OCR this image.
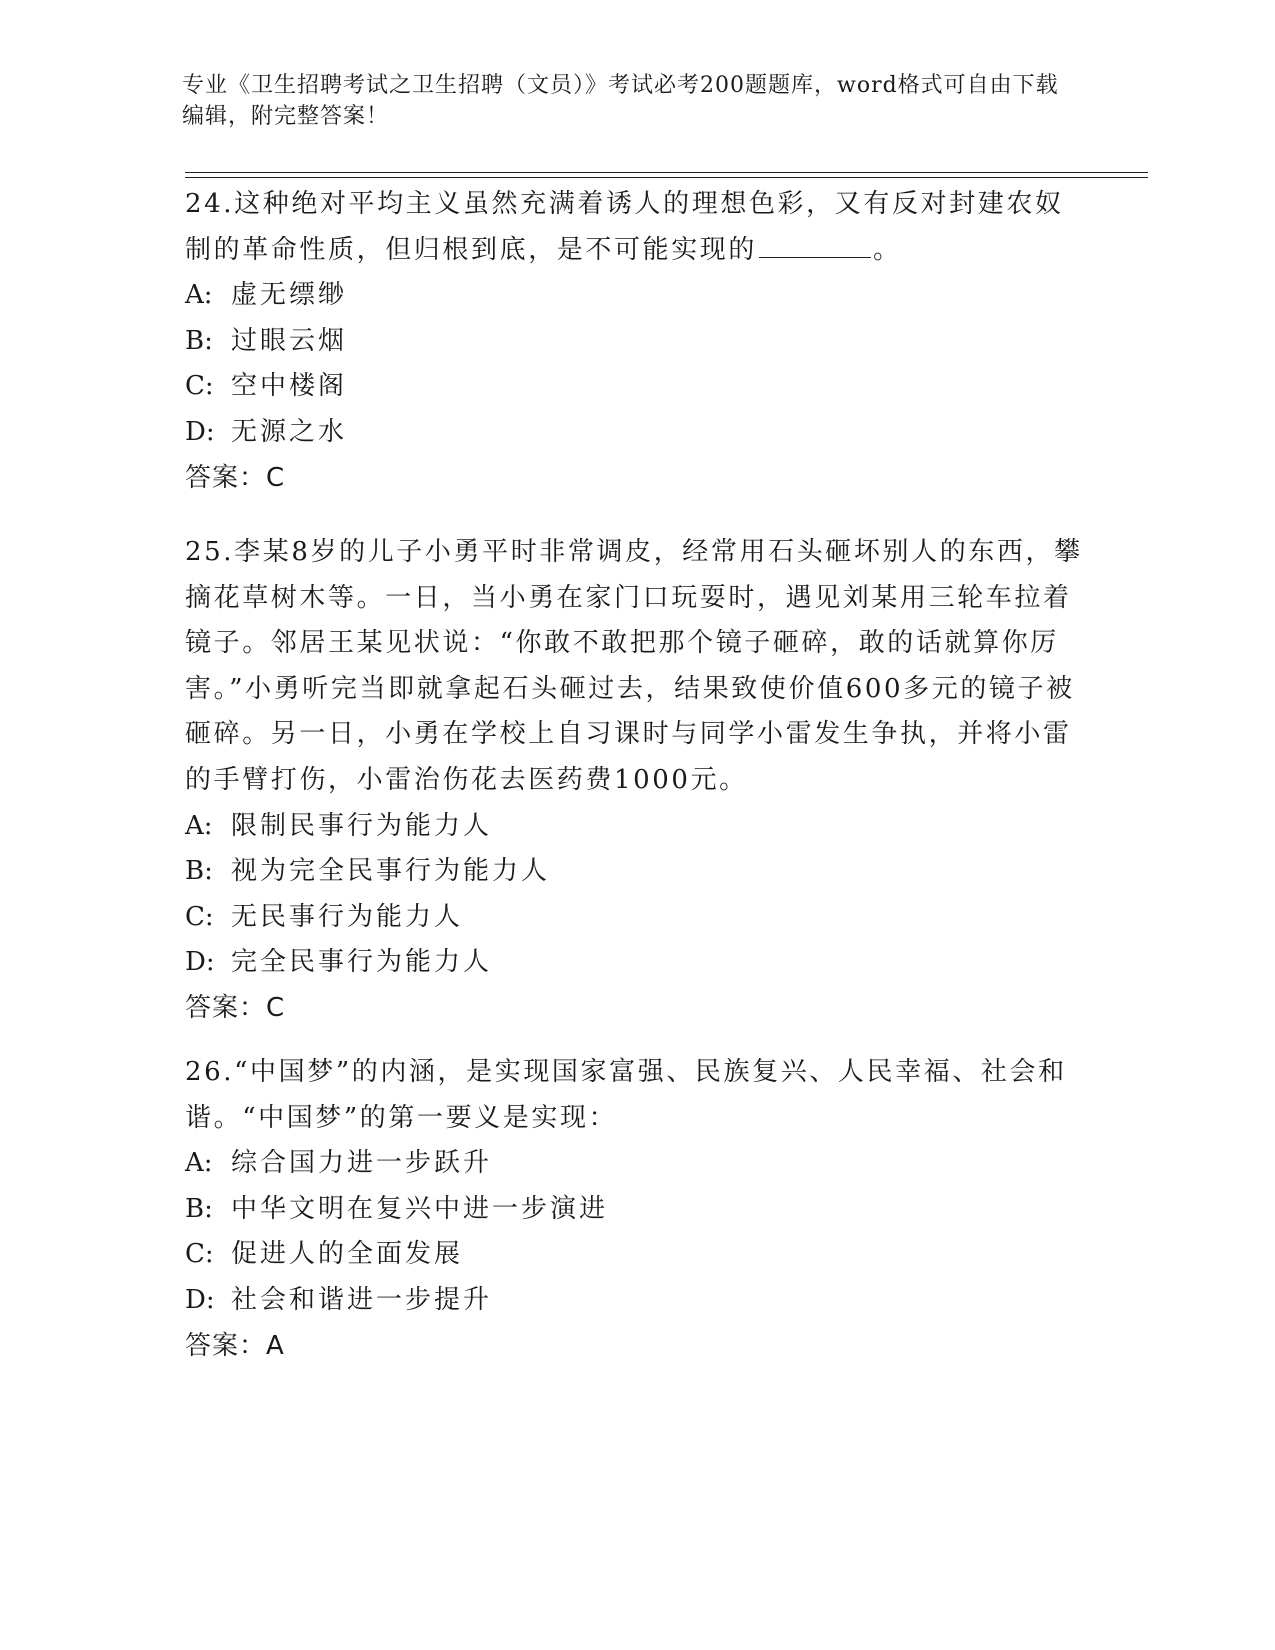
专业《卫生招聘考试之卫生招聘（文员）》考试必考200题题库，word格式可自由下载编辑，附完整答案！

24.这种绝对平均主义虽然充满着诱人的理想色彩，又有反对封建农奴制的革命性质，但归根到底，是不可能实现的	。

A: 虚无缥缈

B: 过眼云烟

C: 空中楼阁

D: 无源之水

答案：C

25.李某8岁的儿子小勇平时非常调皮，经常用石头砸坏别人的东西，攀摘花草树木等。一日，当小勇在家门口玩耍时，遇见刘某用三轮车拉着镜子。邻居王某见状说：“你敢不敢把那个镜子砸碎，敢的话就算你厉害。”小勇听完当即就拿起石头砸过去，结果致使价值600多元的镜子被砸碎。另一日，小勇在学校上自习课时与同学小雷发生争执，并将小雷的手臂打伤，小雷治伤花去医药费1000元。

A: 限制民事行为能力人

B: 视为完全民事行为能力人

C: 无民事行为能力人

D: 完全民事行为能力人

答案：C

26.“中国梦”的内涵，是实现国家富强、民族复兴、人民幸福、社会和谐。“中国梦”的第一要义是实现：

A: 综合国力进一步跃升

B: 中华文明在复兴中进一步演进

C: 促进人的全面发展

D: 社会和谐进一步提升

答案：A
